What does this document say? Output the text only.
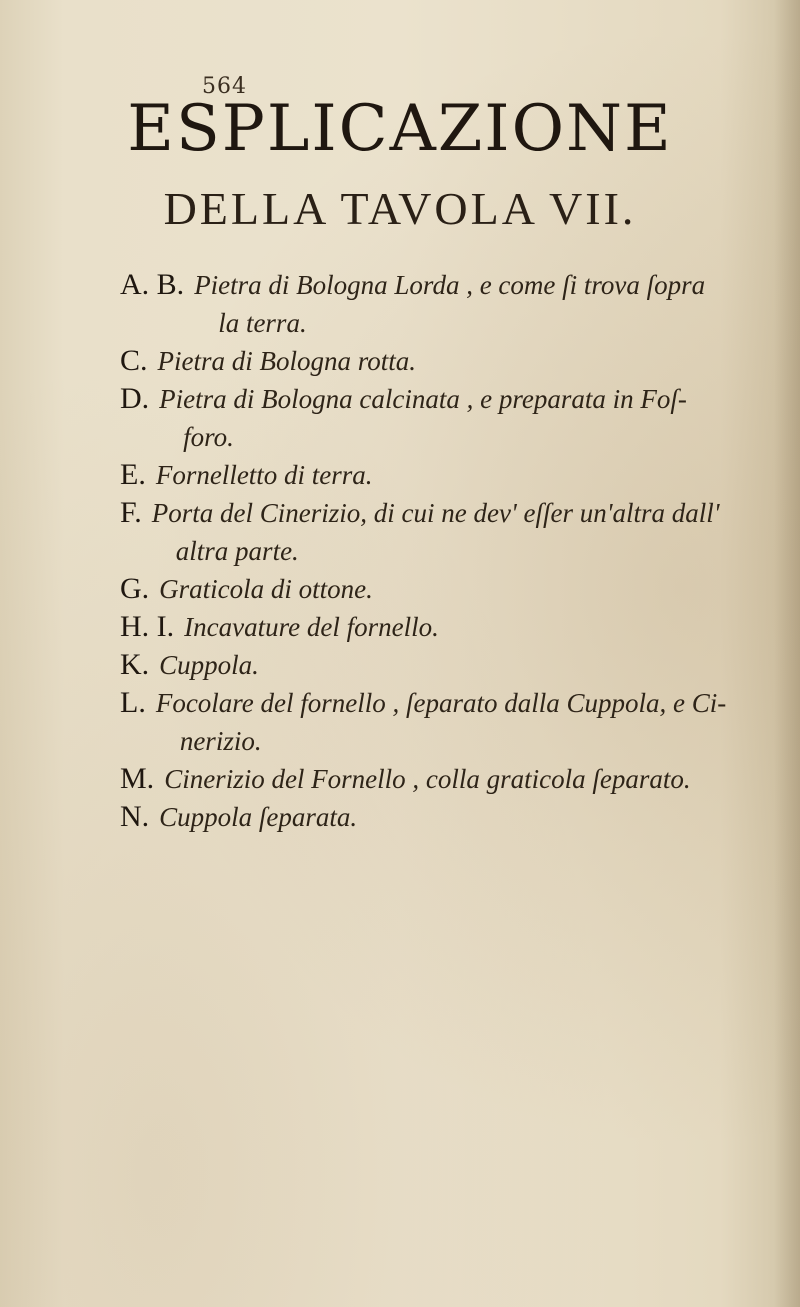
564
ESPLICAZIONE
DELLA TAVOLA VII.
A. B. Pietra di Bologna Lorda , e come ſi trova ſopra
la terra.
C. Pietra di Bologna rotta.
D. Pietra di Bologna calcinata , e preparata in Foſ-
foro.
E. Fornelletto di terra.
F. Porta del Cinerizio, di cui ne dev' eſſer un'altra dall'
altra parte.
G. Graticola di ottone.
H. I. Incavature del fornello.
K. Cuppola.
L. Focolare del fornello , ſeparato dalla Cuppola, e Ci-
nerizio.
M. Cinerizio del Fornello , colla graticola ſeparato.
N. Cuppola ſeparata.
